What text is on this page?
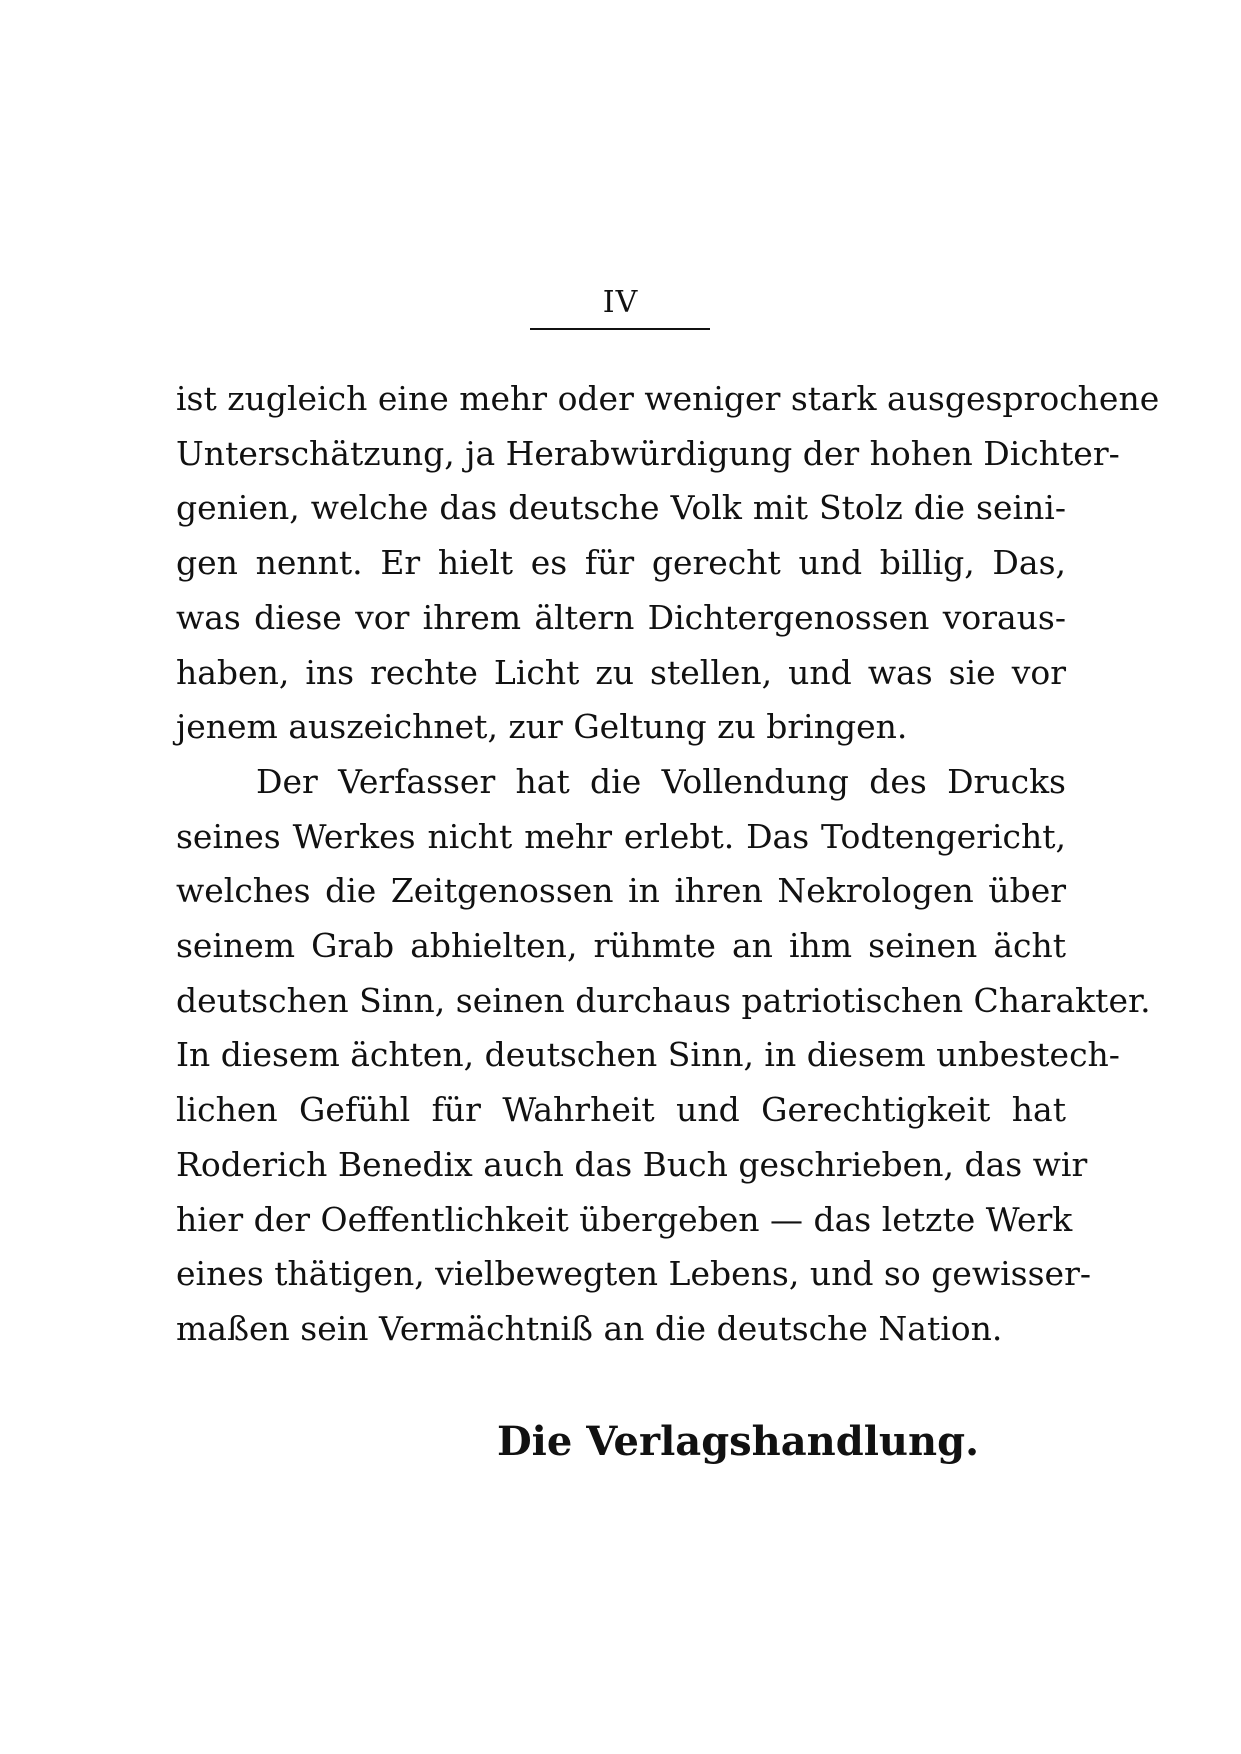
IV
ist zugleich eine mehr oder weniger stark ausgesprochene
Unterschätzung, ja Herabwürdigung der hohen Dichter-
genien, welche das deutsche Volk mit Stolz die seini-
gen nennt. Er hielt es für gerecht und billig, Das,
was diese vor ihrem ältern Dichtergenossen voraus-
haben, ins rechte Licht zu stellen, und was sie vor
jenem auszeichnet, zur Geltung zu bringen.
Der Verfasser hat die Vollendung des Drucks
seines Werkes nicht mehr erlebt. Das Todtengericht,
welches die Zeitgenossen in ihren Nekrologen über
seinem Grab abhielten, rühmte an ihm seinen ächt
deutschen Sinn, seinen durchaus patriotischen Charakter.
In diesem ächten, deutschen Sinn, in diesem unbestech-
lichen Gefühl für Wahrheit und Gerechtigkeit hat
Roderich Benedix auch das Buch geschrieben, das wir
hier der Oeffentlichkeit übergeben — das letzte Werk
eines thätigen, vielbewegten Lebens, und so gewisser-
maßen sein Vermächtniß an die deutsche Nation.
Die Verlagshandlung.
